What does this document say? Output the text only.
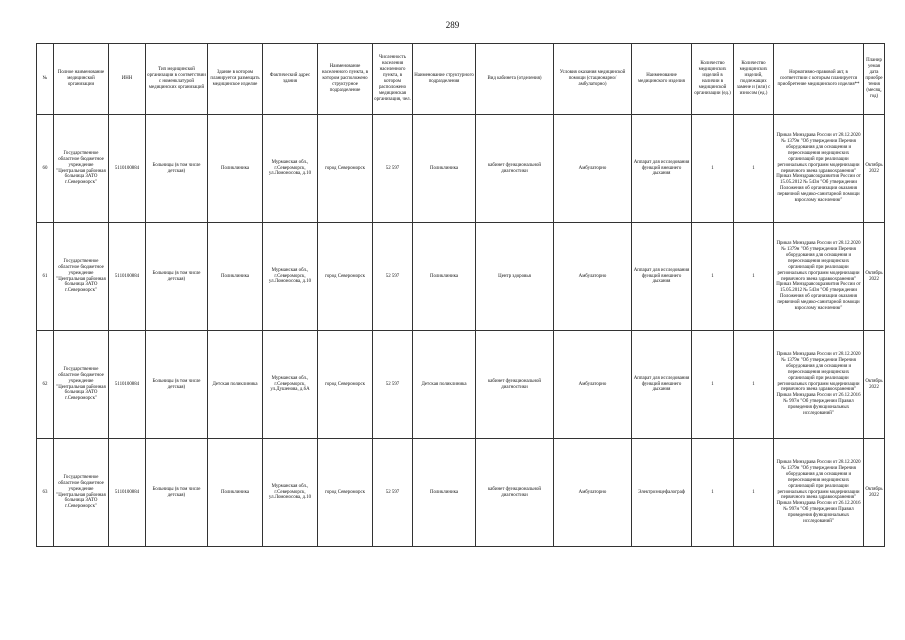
289
№	Полное наименование медицинской организации	ИНН	Тип медицинской организации в соответствии с номенклатурой медицинских организаций	Здание в котором планируется размещать медицинское изделие	Фактический адрес здания	Наименование населенного пункта, в котором расположено структурное подразделение	Численность населения населенного пункта, в котором расположено медицинская организация, чел.	Наименование структурного подразделения	Вид кабинета (отделения)	Условия оказания медицинской помощи (стационарно/ амбулаторно)	Наименование медицинского изделия	Количество медицинских изделий в наличии в медицинской организации (ед.)	Количество медицинских изделий, подлежащих замене и (или) с износом (ед.)	Нормативно-правовой акт, в соответствии с которым планируется приобретение медицинского изделия**	Планируемая дата приобретения (месяц, год)
60	Государственное областное бюджетное учреждение "Центральная районная больница ЗАТО г.Североморск"	5110100884	Больницы (в том числе детская)	Поликлиника	Мурманская обл., г.Североморск, ул.Ломоносова, д.10	город Североморск	52 597	Поликлиника	кабинет функциональной диагностики	Амбулаторно	Аппарат для исследования функций внешнего дыхания	1	1	Приказ Минздрава России от 28.12.2020 № 1379н "Об утверждении Перечня оборудования для оснащения и переоснащения медицинских организаций при реализации региональных программ модернизации первичного звена здравоохранения" Приказ Минздравсоцразвития России от 15.05.2012 № 543н "Об утверждении Положения об организации оказания первичной медико-санитарной помощи взрослому населению"	Октябрь 2022
61	Государственное областное бюджетное учреждение "Центральная районная больница ЗАТО г.Североморск"	5110100884	Больницы (в том числе детская)	Поликлиника	Мурманская обл., г.Североморск, ул.Ломоносова, д.10	город Североморск	52 597	Поликлиника	Центр здоровья	Амбулаторно	Аппарат для исследования функций внешнего дыхания	1	1	Приказ Минздрава России от 28.12.2020 № 1379н "Об утверждении Перечня оборудования для оснащения и переоснащения медицинских организаций при реализации региональных программ модернизации первичного звена здравоохранения" Приказ Минздравсоцразвития России от 15.05.2012 № 543н "Об утверждении Положения об организации оказания первичной медико-санитарной помощи взрослому населению"	Октябрь 2022
62	Государственное областное бюджетное учреждение "Центральная районная больница ЗАТО г.Североморск"	5110100884	Больницы (в том числе детская)	Детская поликлиника	Мурманская обл., г.Североморск, ул.Душенова, д.6А	город Североморск	52 597	Детская поликлиника	кабинет функциональной диагностики	Амбулаторно	Аппарат для исследования функций внешнего дыхания	1	1	Приказ Минздрава России от 28.12.2020 № 1379н "Об утверждении Перечня оборудования для оснащения и переоснащения медицинских организаций при реализации региональных программ модернизации первичного звена здравоохранения" Приказ Минздрава России от 26.12.2016 № 997н "Об утверждении Правил проведения функциональных исследований"	Октябрь 2022
63	Государственное областное бюджетное учреждение "Центральная районная больница ЗАТО г.Североморск"	5110100884	Больницы (в том числе детская)	Поликлиника	Мурманская обл., г.Североморск, ул.Ломоносова, д.10	город Североморск	52 597	Поликлиника	кабинет функциональной диагностики	Амбулаторно	Электроэнцефалограф	1	1	Приказ Минздрава России от 28.12.2020 № 1379н "Об утверждении Перечня оборудования для оснащения и переоснащения медицинских организаций при реализации региональных программ модернизации первичного звена здравоохранения" Приказ Минздрава России от 26.12.2016 № 997н "Об утверждении Правил проведения функциональных исследований"	Октябрь 2022
